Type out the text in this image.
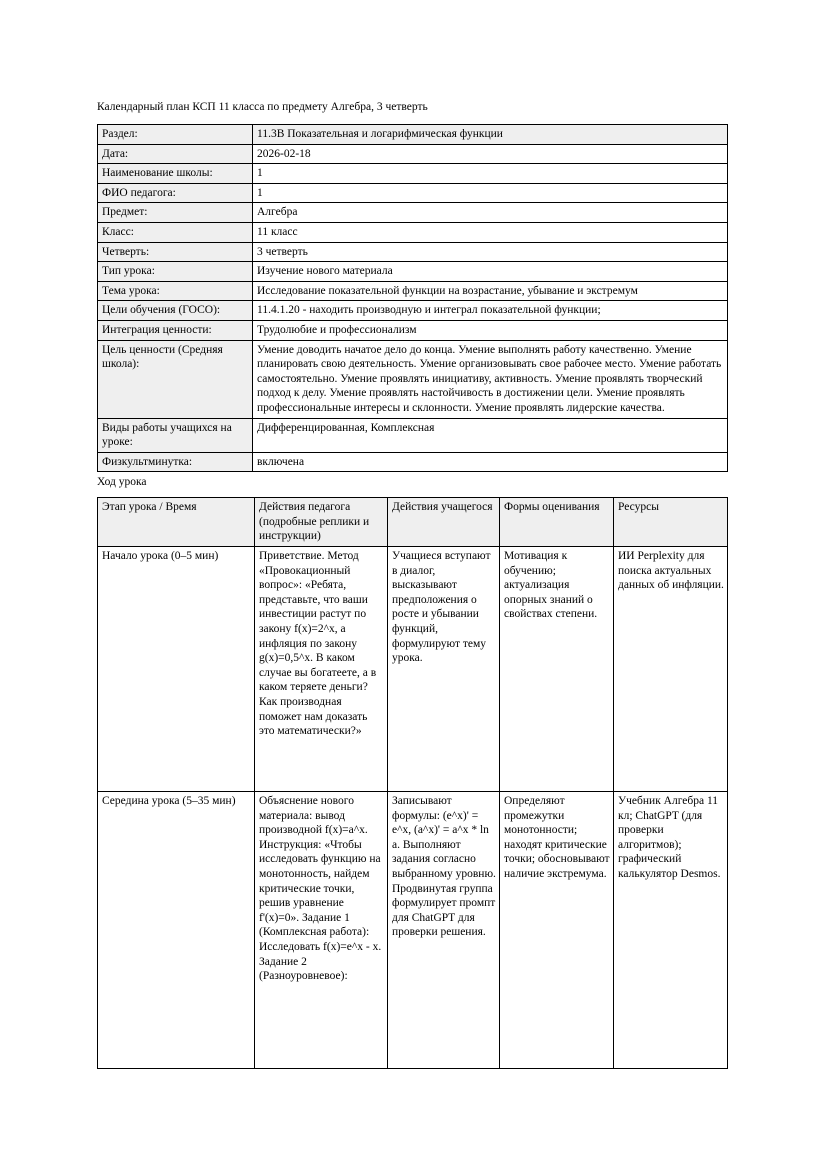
Календарный план КСП 11 класса по предмету Алгебра, 3 четверть
Раздел:	11.3В Показательная и логарифмическая функции
Дата:	2026-02-18
Наименование школы:	1
ФИО педагога:	1
Предмет:	Алгебра
Класс:	11 класс
Четверть:	3 четверть
Тип урока:	Изучение нового материала
Тема урока:	Исследование показательной функции на возрастание, убывание и экстремум
Цели обучения (ГОСО):	11.4.1.20 - находить производную и интеграл показательной функции;
Интеграция ценности:	Трудолюбие и профессионализм
Цель ценности (Средняя школа):	Умение доводить начатое дело до конца. Умение выполнять работу качественно. Умение планировать свою деятельность. Умение организовывать свое рабочее место. Умение работать самостоятельно. Умение проявлять инициативу, активность. Умение проявлять творческий подход к делу. Умение проявлять настойчивость в достижении цели. Умение проявлять профессиональные интересы и склонности. Умение проявлять лидерские качества.
Виды работы учащихся на уроке:	Дифференцированная, Комплексная
Физкультминутка:	включена
Ход урока
Этап урока / Время	Действия педагога (подробные реплики и инструкции)	Действия учащегося	Формы оценивания	Ресурсы
Начало урока (0–5 мин)	Приветствие. Метод «Провокационный вопрос»: «Ребята, представьте, что ваши инвестиции растут по закону f(x)=2^x, а инфляция по закону g(x)=0,5^x. В каком случае вы богатеете, а в каком теряете деньги? Как производная поможет нам доказать это математически?»	Учащиеся вступают в диалог, высказывают предположения о росте и убывании функций, формулируют тему урока.	Мотивация к обучению; актуализация опорных знаний о свойствах степени.	ИИ Perplexity для поиска актуальных данных об инфляции.
Середина урока (5–35 мин)	Объяснение нового материала: вывод производной f(x)=a^x. Инструкция: «Чтобы исследовать функцию на монотонность, найдем критические точки, решив уравнение f'(x)=0». Задание 1 (Комплексная работа): Исследовать f(x)=e^x - x. Задание 2 (Разноуровневое):	Записывают формулы: (e^x)' = e^x, (a^x)' = a^x * ln a. Выполняют задания согласно выбранному уровню. Продвинутая группа формулирует промпт для ChatGPT для проверки решения.	Определяют промежутки монотонности; находят критические точки; обосновывают наличие экстремума.	Учебник Алгебра 11 кл; ChatGPT (для проверки алгоритмов); графический калькулятор Desmos.
